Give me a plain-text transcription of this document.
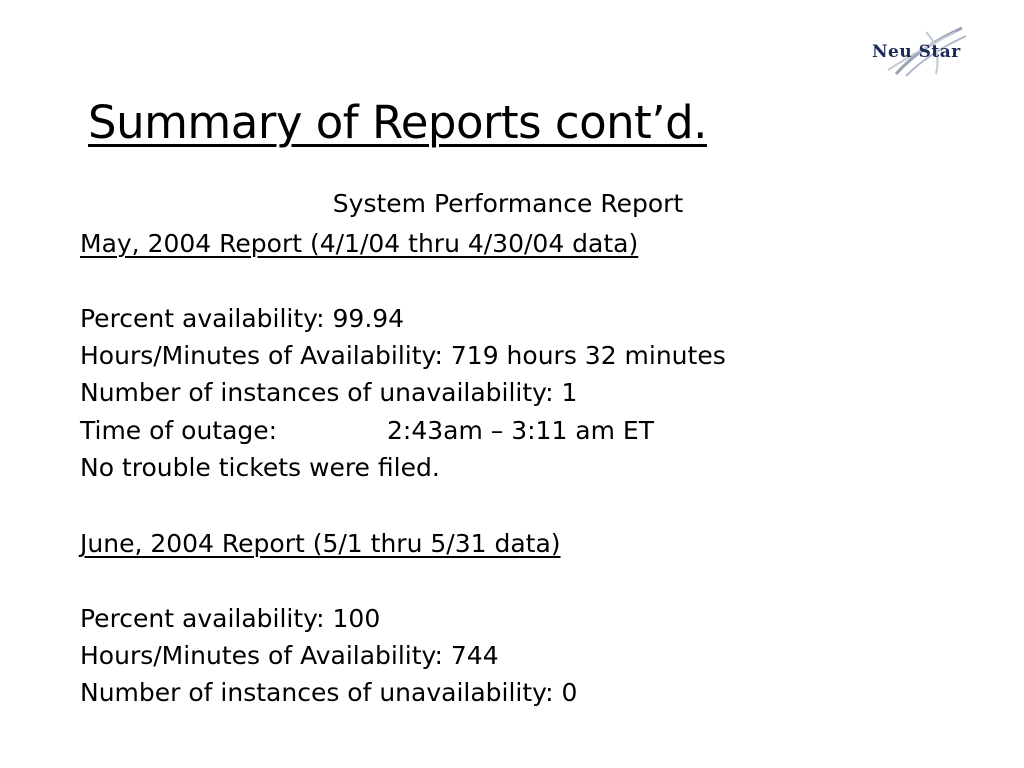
Neu Star
Summary of Reports cont’d.
System Performance Report
May, 2004 Report (4/1/04 thru 4/30/04 data)
Percent availability: 99.94
Hours/Minutes of Availability: 719 hours 32 minutes
Number of instances of unavailability: 1
Time of outage:	2:43am – 3:11 am ET
No trouble tickets were filed.
June, 2004 Report (5/1 thru 5/31 data)
Percent availability: 100
Hours/Minutes of Availability: 744
Number of instances of unavailability: 0
